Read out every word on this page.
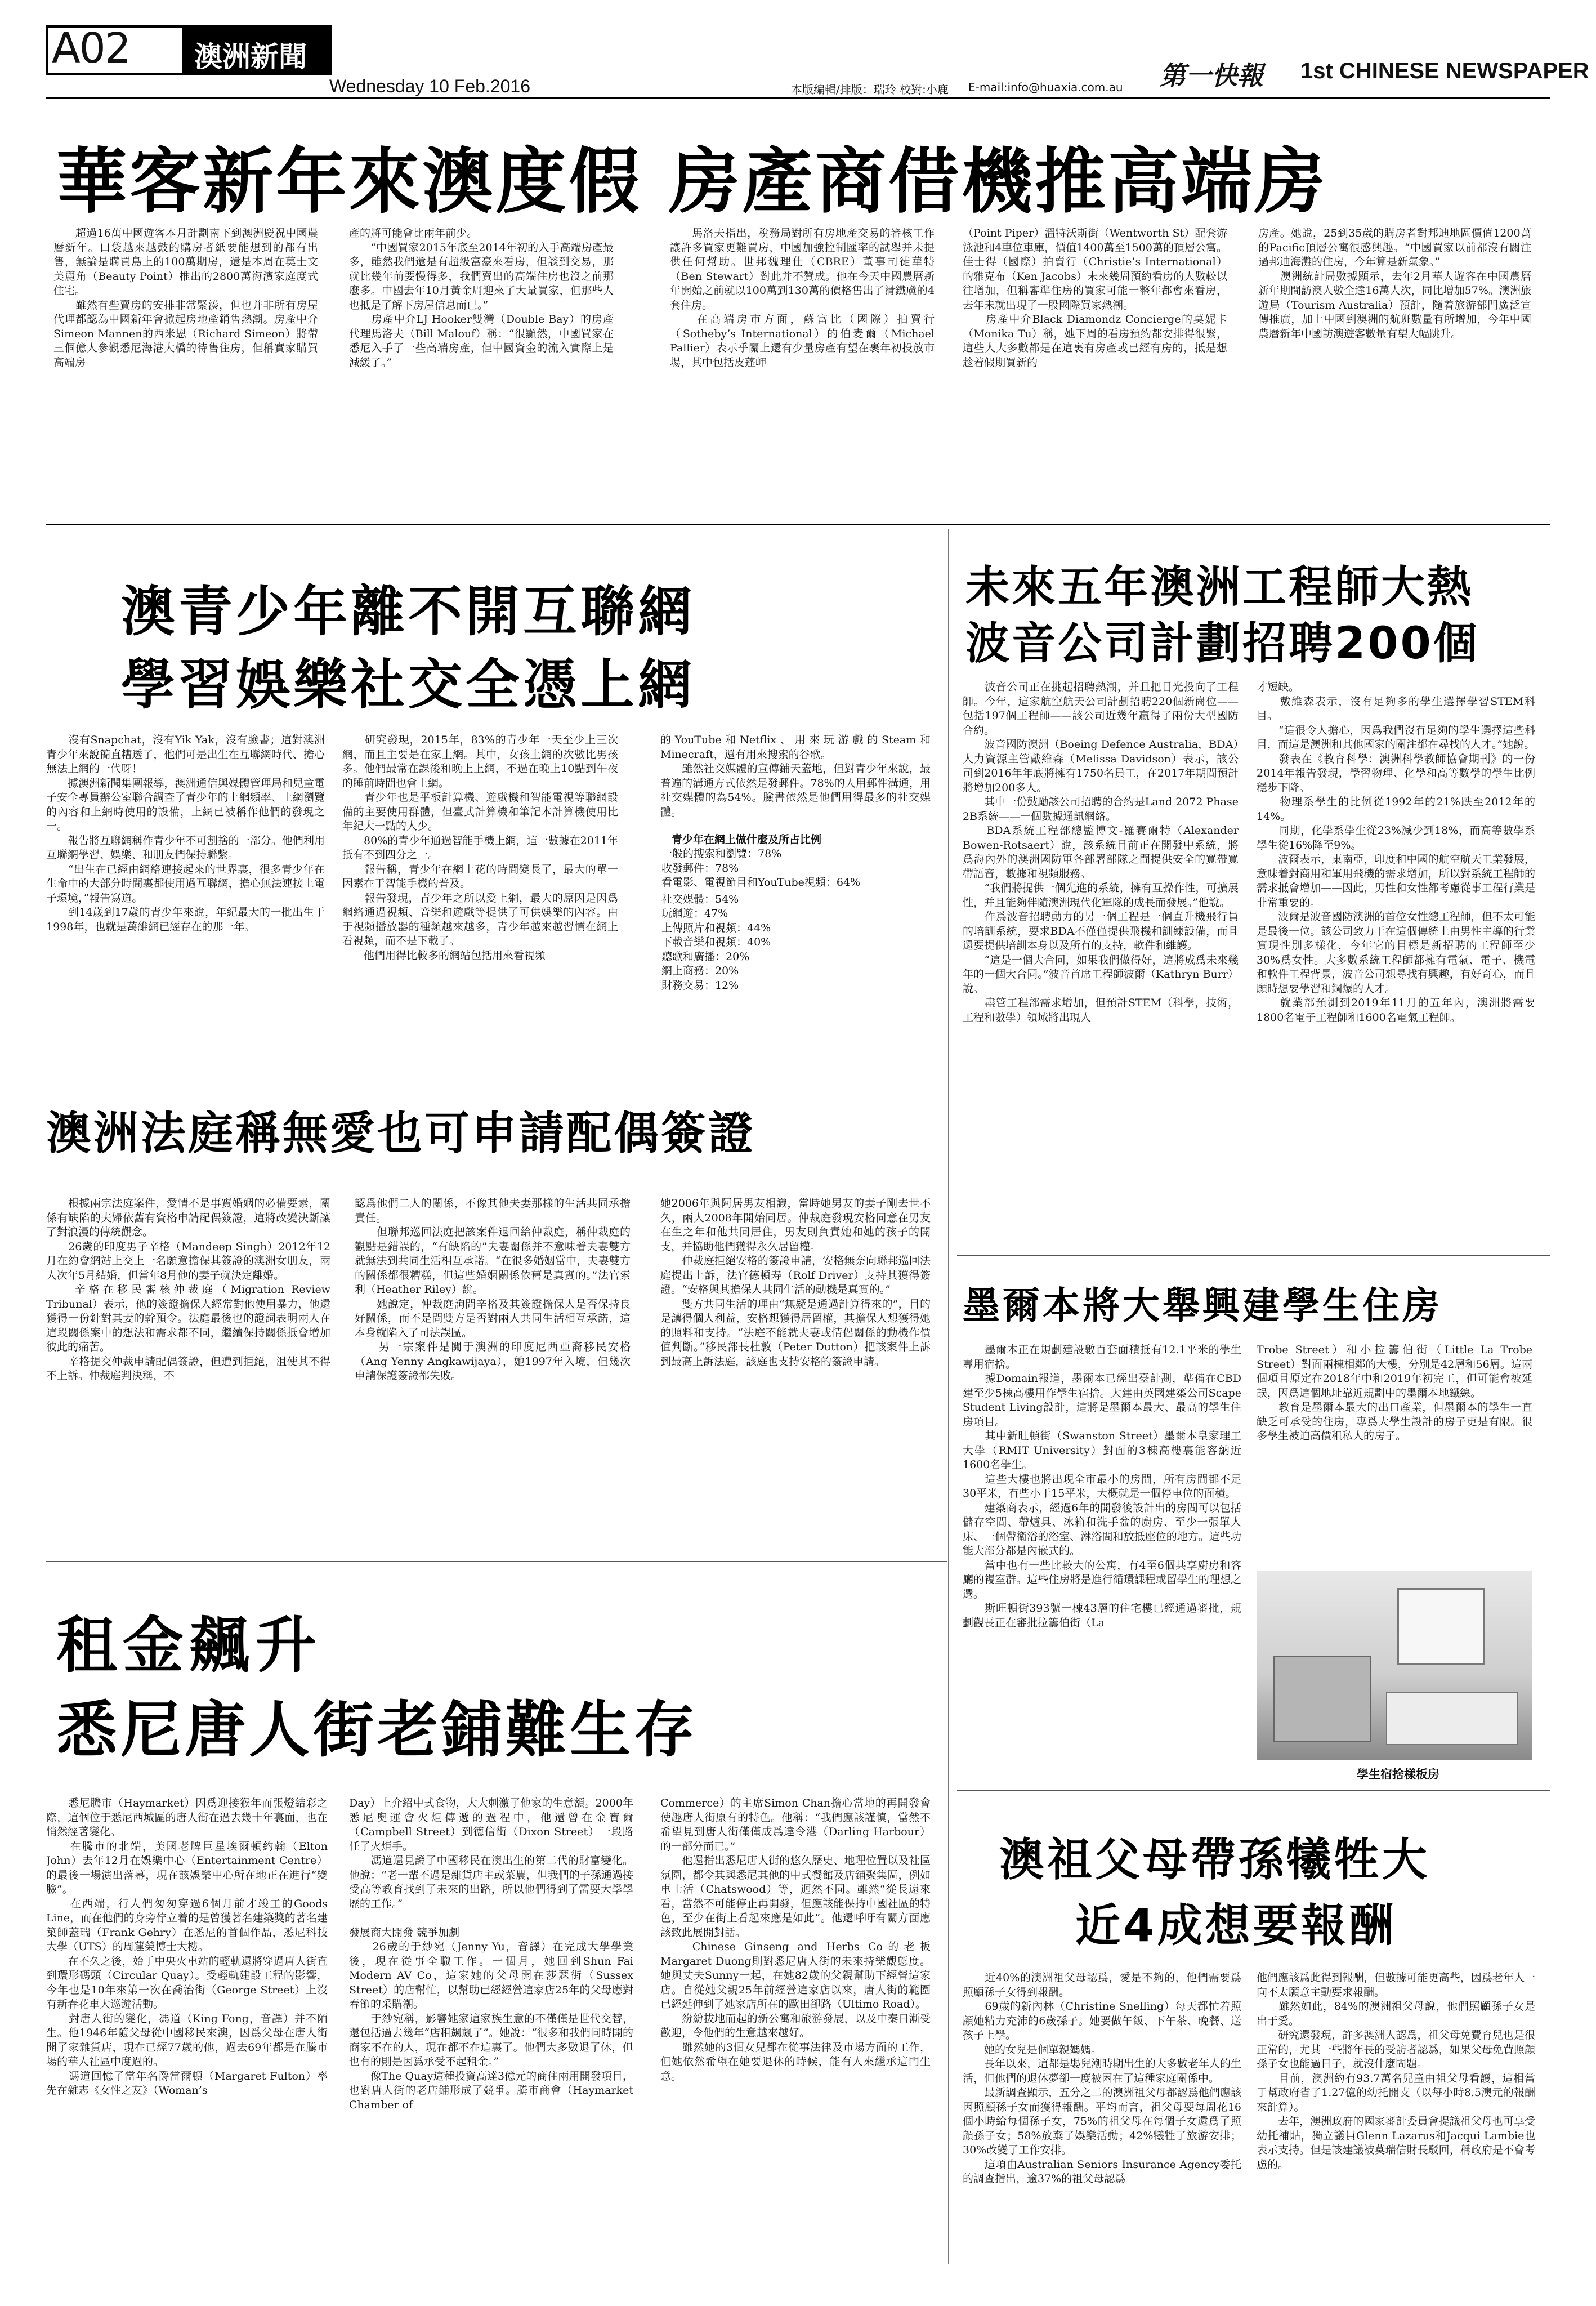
A02 澳洲新聞
Wednesday 10 Feb.2016	本版編輯/排版：瑞玲 校對:小鹿 E-mail:info@huaxia.com.au 第一快報 1st CHINESE NEWSPAPER
華客新年來澳度假 房產商借機推高端房
　　超過16萬中國遊客本月計劃南下到澳洲慶祝中國農曆新年。口袋越來越鼓的購房者紙要能想到的都有出售，無論是購買島上的100萬期房，還是本周在莫士文美麗角（Beauty Point）推出的2800萬海濱家庭度式住宅。
　　雖然有些賣房的安排非常緊湊，但也并非所有房屋代理都認為中國新年會掀起房地產銷售熱潮。房產中介Simeon Mannen的西米恩（Richard Simeon）將帶三個億人參觀悉尼海港大橋的待售住房，但稱實家購買高端房
產的將可能會比兩年前少。
　　“中國買家2015年底至2014年初的入手高端房產最多，雖然我們還是有超級富豪來看房，但談到交易，那就比幾年前要慢得多，我們賣出的高端住房也沒之前那麼多。中國去年10月黃金周迎來了大量買家，但那些人也抵是了解下房屋信息而已。”
　　房產中介LJ Hooker雙灣（Double Bay）的房產代理馬洛夫（Bill Malouf）稱：“很顯然，中國買家在悉尼入手了一些高端房產，但中國資金的流入實際上是減緩了。”
　　馬洛夫指出，稅務局對所有房地產交易的審核工作讓許多買家更難買房，中國加強控制匯率的試舉并未提供任何幫助。世邦魏理仕（CBRE）董事司徒華特（Ben Stewart）對此并不贊成。他在今天中國農曆新年開始之前就以100萬到130萬的價格售出了滑鐵盧的4套住房。
　　在高端房市方面，蘇富比（國際）拍賣行（Sotheby’s International）的伯麦爾（Michael Pallier）表示乎關上還有少量房產有望在裹年初投放市場，其中包括皮蓬岬
（Point Piper）溫特沃斯街（Wentworth St）配套游泳池和4車位車庫，價值1400萬至1500萬的頂層公寓。佳士得（國際）拍賣行（Christie’s International）的雅克布（Ken Jacobs）未來幾周預約看房的人數較以往增加，但稱審準住房的買家可能一整年都會來看房，去年未就出現了一股國際買家熱潮。
　　房產中介Black Diamondz Concierge的莫妮卡（Monika Tu）稱，她下周的看房預約都安排得很緊，這些人大多數都是在這裏有房產或已經有房的，抵是想趁着假期買新的
房產。她說，25到35歲的購房者對邦迪地區價值1200萬的Pacific頂層公寓很感興趣。“中國買家以前都沒有關注過邦迪海灘的住房，今年算是新氣象。”
　　澳洲統計局數據顯示，去年2月華人遊客在中國農曆新年期間訪澳人數全達16萬人次，同比增加57%。澳洲旅遊局（Tourism Australia）預計，隨着旅游部門廣泛宣傳推廣，加上中國到澳洲的航班數量有所增加，今年中國農曆新年中國訪澳遊客數量有望大幅跳升。
澳青少年離不開互聯網
學習娛樂社交全憑上網
　　沒有Snapchat，沒有Yik Yak，沒有臉書；這對澳洲青少年來說簡直糟透了，他們可是出生在互聯網時代、擔心無法上網的一代呀！
　　據澳洲新聞集團報導，澳洲通信與媒體管理局和兒童電子安全專員辦公室聯合調查了青少年的上網頻率、上網瀏覽的內容和上網時使用的設備，上網已被稱作他們的發現之一。
　　報告將互聯網稱作青少年不可割捨的一部分。他們利用互聯網學習、娛樂、和朋友們保持聯繫。
　　“出生在已經由網絡連接起來的世界裏，很多青少年在生命中的大部分時間裏都使用過互聯網，擔心無法連接上電子環境，”報告寫道。
　　到14歲到17歲的青少年來說，年紀最大的一批出生于1998年，也就是萬維網已經存在的那一年。
　　研究發現，2015年，83%的青少年一天至少上三次網，而且主要是在家上網。其中，女孩上網的次數比男孩多。他們最常在課後和晚上上網，不過在晚上10點到午夜的睡前時間也會上網。
　　青少年也是平板計算機、遊戲機和智能電視等聯網設備的主要使用群體，但臺式計算機和筆記本計算機使用比年紀大一點的人少。
　　80%的青少年通過智能手機上網，這一數據在2011年抵有不到四分之一。
　　報告稱，青少年在網上花的時間變長了，最大的單一因素在于智能手機的普及。
　　報告發現，青少年之所以愛上網，最大的原因是因爲網絡通過視頻、音樂和遊戲等提供了可供娛樂的內容。由于視頻播放器的種類越來越多，青少年越來越習慣在網上看視頻，而不是下載了。
　　他們用得比較多的網站包括用來看視頻
的YouTube和Netflix、用來玩游戲的Steam和Minecraft，還有用來搜索的谷歌。
　　雖然社交媒體的宣傳鋪天蓋地，但對青少年來說，最普遍的溝通方式依然是發郵件。78%的人用郵件溝通，用社交媒體的為54%。臉書依然是他們用得最多的社交媒體。
青少年在網上做什麼及所占比例
一般的搜索和瀏覽：78%
收發郵件：78%
看電影、電視節目和YouTube視頻：64%
社交媒體：54%
玩網遊：47%
上傳照片和視頻：44%
下載音樂和視頻：40%
聽歌和廣播：20%
網上商務：20%
財務交易：12%
未來五年澳洲工程師大熱
波音公司計劃招聘200個
　　波音公司正在挑起招聘熱潮，并且把目光投向了工程師。今年，這家航空航天公司計劃招聘220個新崗位——包括197個工程師——該公司近幾年贏得了兩份大型國防合約。
　　波音國防澳洲（Boeing Defence Australia，BDA）人力資源主管戴維森（Melissa Davidson）表示，該公司到2016年年底將擁有1750名員工，在2017年期間預計將增加200多人。
　　其中一份鼓勵該公司招聘的合約是Land 2072 Phase 2B系統——一個數據通訊網絡。
　　BDA系統工程部總監博文-羅賽爾特（Alexander Bowen-Rotsaert）說，該系統目前正在開發中系統，將爲海內外的澳洲國防軍各部署部隊之間提供安全的寬帶寬帶語音，數據和視頻服務。
　　“我們將提供一個先進的系統，擁有互操作性，可擴展性，并且能夠伴隨澳洲現代化軍隊的成長而發展。”他說。
　　作爲波音招聘動力的另一個工程是一個直升機飛行員的培訓系統，要求BDA不僅僅提供飛機和訓練設備，而且還要提供培訓本身以及所有的支持，軟件和維護。
　　“這是一個大合同，如果我們做得好，這將成爲未來幾年的一個大合同。”波音首席工程師波爾（Kathryn Burr）說。
　　盡管工程部需求增加，但預計STEM（科學，技術，工程和數學）領域將出現人
才短缺。
　　戴維森表示，沒有足夠多的學生選擇學習STEM科目。
　　“這很令人擔心，因爲我們沒有足夠的學生選擇這些科目，而這是澳洲和其他國家的關注都在尋找的人才。”她說。
　　發表在《教育科學：澳洲科學教師協會期刊》的一份2014年報告發現，學習物理、化學和高等數學的學生比例穩步下降。
　　物理系學生的比例從1992年的21%跌至2012年的14%。
　　同期，化學系學生從23%減少到18%，而高等數學系學生從16%降至9%。
　　波爾表示，東南亞，印度和中國的航空航天工業發展，意味着對商用和軍用飛機的需求增加，所以對系統工程師的需求抵會增加——因此，男性和女性都考慮從事工程行業是非常重要的。
　　波爾是波音國防澳洲的首位女性總工程師，但不太可能是最後一位。該公司致力于在這個傳統上由男性主導的行業實現性別多樣化，今年它的目標是新招聘的工程師至少30%爲女性。大多數系統工程師都擁有電氣、電子、機電和軟件工程背景，波音公司想尋找有興趣，有好奇心，而且願時想要學習和鋼爆的人才。
　　就業部預測到2019年11月的五年內，澳洲將需要1800名電子工程師和1600名電氣工程師。
澳洲法庭稱無愛也可申請配偶簽證
　　根據兩宗法庭案件，愛情不是事實婚姻的必備要素，關係有缺陷的夫婦依舊有資格申請配偶簽證，這將改變決斷讓了對浪漫的傳統觀念。
　　26歲的印度男子辛格（Mandeep Singh）2012年12月在約會網站上交上一名願意擔保其簽證的澳洲女朋友，兩人次年5月結婚，但當年8月他的妻子就決定離婚。
　　辛格在移民審核仲裁庭（Migration Review Tribunal）表示，他的簽證擔保人經常對他使用暴力，他還獲得一份針對其妻的幹預令。法庭最後也的證詞表明兩人在這段關係案中的想法和需求都不同，繼續保持關係抵會增加彼此的痛苦。
　　辛格提交仲裁申請配偶簽證，但遭到拒絕，沮使其不得不上訴。仲裁庭判決稱，不
認爲他們二人的關係，不像其他夫妻那樣的生活共同承擔責任。
　　但聯邦巡回法庭把該案件退回給仲裁庭，稱仲裁庭的觀點是錯誤的，“有缺陷的”夫妻關係并不意味着夫妻雙方就無法到共同生活相互承諾。“在很多婚姻當中，夫妻雙方的關係都很糟糕，但這些婚姻關係依舊是真實的。”法官索利（Heather Riley）說。
　　她說定，仲裁庭詢問辛格及其簽證擔保人是否保持良好關係，而不是問雙方是否對兩人共同生活相互承諾，這本身就陷入了司法誤區。
　　另一宗案件是關于澳洲的印度尼西亞裔移民安格（Ang Yenny Angkawijaya），她1997年入境，但幾次申請保護簽證都失敗。
她2006年與阿居男友相識，當時她男友的妻子剛去世不久，兩人2008年開始同居。仲裁庭發現安格同意在男友在生之年和他共同居住，男友則負責她和她的孩子的開支，并協助他們獲得永久居留權。
　　仲裁庭拒絕安格的簽證申請，安格無奈向聯邦巡回法庭提出上訴，法官德頓寿（Rolf Driver）支持其獲得簽證。“安格與其擔保人共同生活的動機是真實的。”
　　雙方共同生活的理由“無疑是通過計算得來的”，目的是讓得個人利益，安格想獲得居留權，其擔保人想獲得她的照料和支持。“法庭不能就夫妻或情侶關係的動機作價值判斷。”移民部長杜敦（Peter Dutton）把該案件上訴到最高上訴法庭，該庭也支持安格的簽證申請。
墨爾本將大舉興建學生住房
　　墨爾本正在規劃建設數百套面積抵有12.1平米的學生專用宿捨。
　　據Domain報道，墨爾本已經出臺計劃，準備在CBD建至少5棟高樓用作學生宿捨。大建由英國建築公司Scape Student Living設計，這將是墨爾本最大、最高的學生住房項目。
　　其中新旺頓街（Swanston Street）墨爾本皇家理工大學（RMIT University）對面的3棟高樓裏能容納近1600名學生。
　　這些大樓也將出現全市最小的房間，所有房間都不足30平米，有些小于15平米，大概就是一個停車位的面積。
　　建築商表示，經過6年的開發後設計出的房間可以包括儲存空間、帶爐具、冰箱和洗手盆的廚房、至少一張單人床、一個帶衛浴的浴室、淋浴間和放抵座位的地方。這些功能大部分都是內嵌式的。
　　當中也有一些比較大的公寓，有4至6個共享廚房和客廳的複室群。這些住房將是進行循環課程或留學生的理想之選。
　　斯旺頓街393號一棟43層的住宅樓已經通過審批，規劃觀長正在審批拉籌伯街（La
Trobe Street）和小拉籌伯街（Little La Trobe Street）對面兩棟相鄰的大樓，分別是42層和56層。這兩個項目原定在2018年中和2019年初完工，但可能會被延誤，因爲這個地址靠近規劃中的墨爾本地鐵線。
　　教育是墨爾本最大的出口產業，但墨爾本的學生一直缺乏可承受的住房，專爲大學生設計的房子更是有限。很多學生被迫高價租私人的房子。
學生宿捨樣板房
租金飆升
悉尼唐人街老鋪難生存
　　悉尼騰市（Haymarket）因爲迎接猴年而張燈結彩之際，這個位于悉尼西城區的唐人街在過去幾十年裏面，也在悄然經著變化。
　　在騰市的北端，美國老牌巨星埃爾頓約翰（Elton John）去年12月在娛樂中心（Entertainment Centre）的最後一場演出落幕，現在該娛樂中心所在地正在進行“變臉”。
　　在西端，行人們匆匆穿過6個月前才竣工的Goods Line，而在他們的身旁佇立着的是曾獲著名建築獎的著名建築師蓋瑞（Frank Gehry）在悉尼的首個作品，悉尼科技大學（UTS）的周蓮榮博士大樓。
　　在不久之後，始于中央火車站的輕軌還將穿過唐人街直到環形碼頭（Circular Quay）。受輕軌建設工程的影響，今年也是10年來第一次在喬治街（George Street）上沒有新春花車大巡遊活動。
　　對唐人街的變化，馮道（King Fong，音譯）并不陌生。他1946年隨父母從中國移民來澳，因爲父母在唐人街開了家雜貨店，現在已經77歲的他，過去69年都是在騰市場的華人社區中度過的。
　　馮道回憶了當年名爵當爾頓（Margaret Fulton）率先在雜志《女性之友》（Woman’s
Day）上介紹中式食物，大大刺激了他家的生意額。2000年悉尼奧運會火炬傳遞的過程中，他還曾在金寶爾（Campbell Street）到德信街（Dixon Street）一段路任了火炬手。
　　馮道還見證了中國移民在澳出生的第二代的財富變化。他說：“老一輩不過是雜貨店主或菜農，但我們的子孫通過接受高等教育找到了未來的出路，所以他們得到了需要大學學歷的工作。”

發展商大開發 競爭加劇
　　26歲的于紗宛（Jenny Yu，音譯）在完成大學學業後，現在從事全職工作。一個月，她回到Shun Fai Modern AV Co，這家她的父母開在莎瑟街（Sussex Street）的店幫忙，以幫助已經經營這家店25年的父母應對春節的采購潮。
　　于紗宛稱，影響她家這家族生意的不僅僅是世代交替，還包括過去幾年“店租飆飆了”。她說：“很多和我們同時開的商家不在的人，現在都不在這裏了。他們大多數退了休，但也有的則是因爲承受不起租金。”
　　像The Quay這種投資高達3億元的商住兩用開發項目，也對唐人街的老店鋪形成了競爭。騰市商會（Haymarket Chamber of
Commerce）的主席Simon Chan擔心當地的再開發會使趣唐人街原有的特色。他稱：“我們應該謹慎，當然不希望見到唐人街僅僅成爲達令港（Darling Harbour）的一部分而已。”
　　他還指出悉尼唐人街的悠久歷史、地理位置以及社區氛圍，都令其與悉尼其他的中式餐館及店鋪聚集區，例如車士活（Chatswood）等，迥然不同。雖然“從長遠來看，當然不可能停止再開發，但應該能保持中國社區的特色，至少在街上看起來應是如此”。他還呼吁有關方面應該致此展開對話。
　　Chinese Ginseng and Herbs Co的老板Margaret Duong則對悉尼唐人街的未來持樂觀態度。她與丈夫Sunny一起，在她82歲的父親幫助下經營這家店。自從她父親25年前經營這家店以來，唐人街的範圍已經延伸到了她家店所在的歐田卻路（Ultimo Road）。
　　紛紛拔地而起的新公寓和旅游發展，以及中秦日漸受歡迎，令他們的生意越來越好。
　　雖然她的3個女兒都在從事法律及市場方面的工作，但她依然希望在她要退休的時候，能有人來繼承這門生意。
澳祖父母帶孫犧牲大
近4成想要報酬
　　近40%的澳洲祖父母認爲，愛是不夠的，他們需要爲照顧孫子女得到報酬。
　　69歲的新內林（Christine Snelling）每天都忙着照顧她精力充沛的6歲孫子。她要做午飯、下午茶、晚餐、送孩子上學。
　　她的女兒是個單親媽媽。
　　長年以來，這都是嬰兒潮時期出生的大多數老年人的生活，但他們的退休夢卻一度被困在了這種家庭關係中。
　　最新調查顯示，五分之二的澳洲祖父母都認爲他們應該因照顧孫子女而獲得報酬。平均而言，祖父母要每周花16個小時給每個孫子女，75%的祖父母在每個子女還爲了照顧孫子女；58%放棄了娛樂活動；42%犧牲了旅游安排；30%改變了工作安排。
　　這項由Australian Seniors Insurance Agency委托的調查指出，逾37%的祖父母認爲
他們應該爲此得到報酬，但數據可能更高些，因爲老年人一向不太願意主動要求報酬。
　　雖然如此，84%的澳洲祖父母說，他們照顧孫子女是出于愛。
　　研究還發現，許多澳洲人認爲，祖父母免費育兒也是很正常的，尤其一些將年長的受訪者認爲，如果父母免費照顧孫子女也能過日子，就沒什麼問題。
　　目前，澳洲約有93.7萬名兒童由祖父母看護，這相當于幫政府省了1.27億的幼托開支（以每小時8.5澳元的報酬來計算）。
　　去年，澳洲政府的國家審計委員會提議祖父母也可享受幼托補貼，獨立議員Glenn Lazarus和Jacqui Lambie也表示支持。但是該建議被莫瑞信財長駁回，稱政府是不會考慮的。
